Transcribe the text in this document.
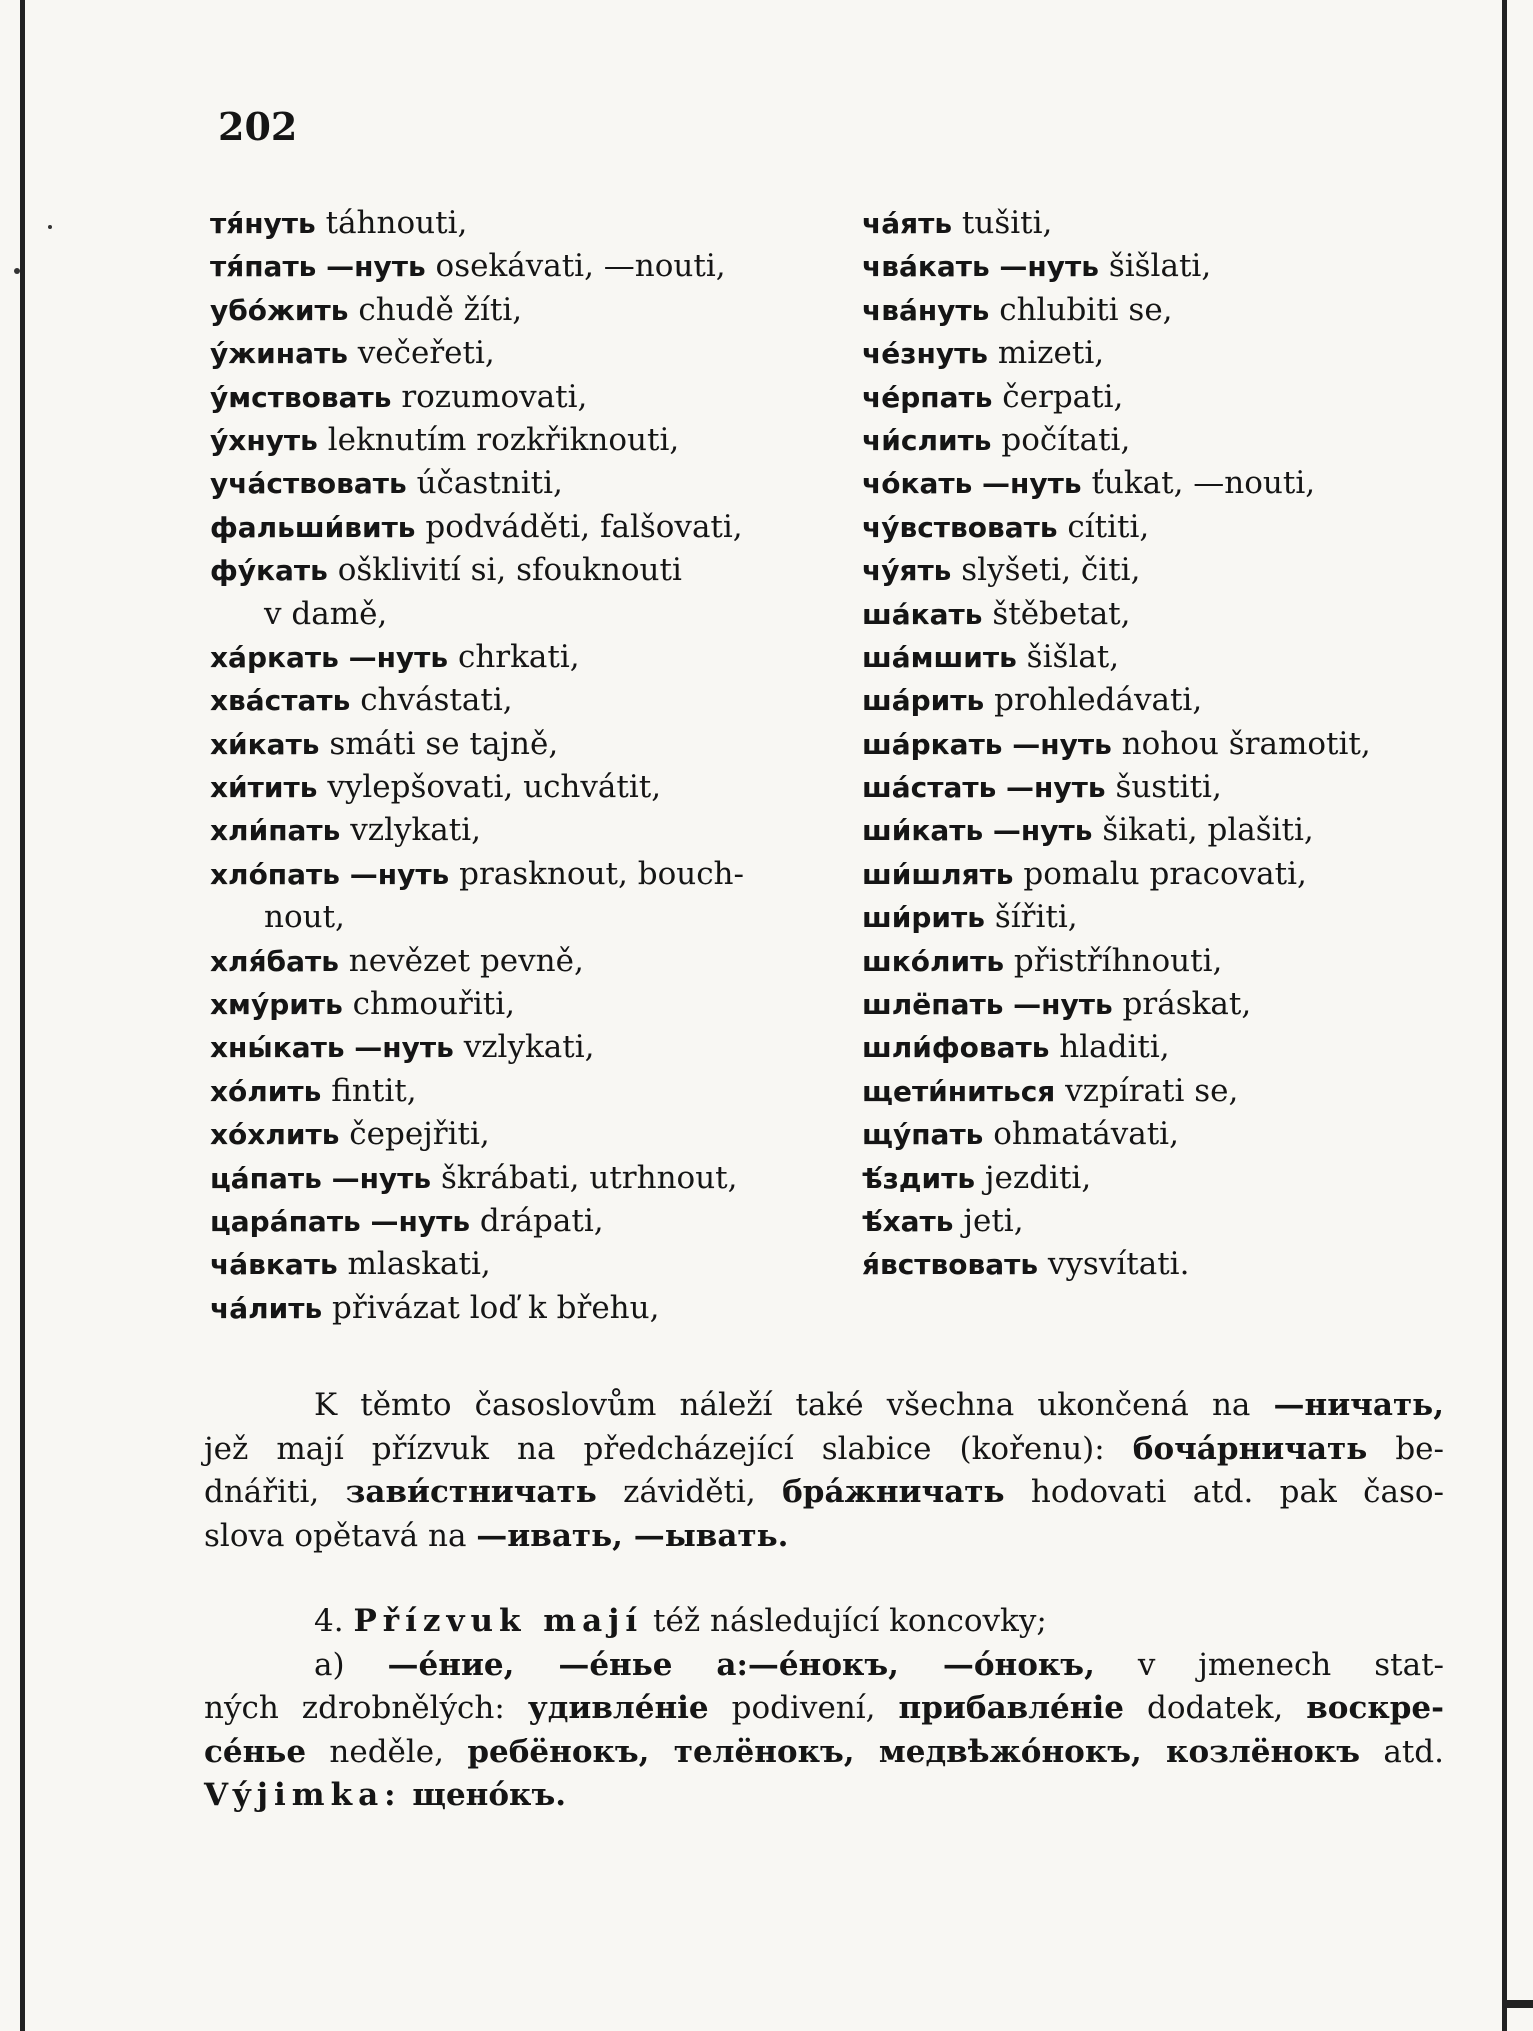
202
тя́нуть táhnouti,
тя́пать —нуть osekávati, —nouti,
убо́жить chudě žíti,
у́жинать večeřeti,
у́мствовать rozumovati,
у́хнуть leknutím rozkřiknouti,
уча́ствовать účastniti,
фальши́вить podváděti, falšovati,
фу́кать ošklivití si, sfouknouti
v damě,
ха́ркать —нуть chrkati,
хва́стать chvástati,
хи́кать smáti se tajně,
хи́тить vylepšovati, uchvátit,
хли́пать vzlykati,
хло́пать —нуть prasknout, bouch-
nout,
хля́бать nevězet pevně,
хму́рить chmouřiti,
хны́кать —нуть vzlykati,
хо́лить fintit,
хо́хлить čepejřiti,
ца́пать —нуть škrábati, utrhnout,
цара́пать —нуть drápati,
ча́вкать mlaskati,
ча́лить přivázat loď k břehu,
ча́ять tušiti,
чва́кать —нуть šišlati,
чва́нуть chlubiti se,
че́знуть mizeti,
че́рпать čerpati,
чи́слить počítati,
чо́кать —нуть ťukat, —nouti,
чу́вствовать cítiti,
чу́ять slyšeti, čiti,
шáкать štěbetat,
ша́мшить šišlat,
ша́рить prohledávati,
ша́ркать —нуть nohou šramotit,
ша́стать —нуть šustiti,
ши́кать —нуть šikati, plašiti,
ши́шлять pomalu pracovati,
ши́рить šířiti,
шко́лить přistříhnouti,
шлёпать —нуть práskat,
шли́фовать hladiti,
щети́ниться vzpírati se,
щу́пать ohmatávati,
ѣ́здить jezditi,
ѣ́хать jeti,
я́вствовать vysvítati.
K těmto časoslovům náleží také všechna ukončená na —ничать,
jež mají přízvuk na předcházející slabice (kořenu): бочáрничать be-
dnářiti, зави́стничать záviděti, бра́жничать hodovati atd. pak časo-
slova opětavá na —ивать, —ывать.
4. Přízvuk mají též následující koncovky;
a) —éние, —éнье а:—éнокъ, —óнокъ, v jmenech stat-
ných zdrobnělých: удивлéніе podivení, прибавлéніе dodatek, воскре-
сéнье neděle, ребёнокъ, телёнокъ, медвѣжóнокъ, козлёнокъ atd.
Výjimka: щенóкъ.
